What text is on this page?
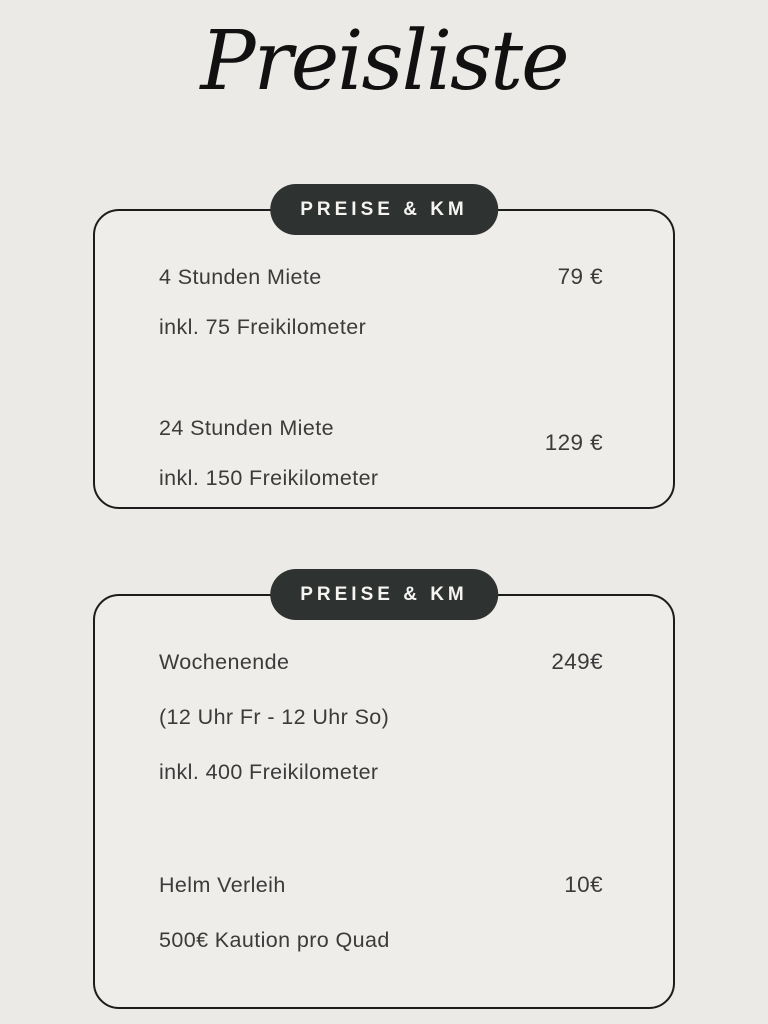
Preisliste
PREISE & KM

4 Stunden Miete

inkl. 75 Freikilometer

79 €

24 Stunden Miete

inkl. 150 Freikilometer

129 €
PREISE & KM

Wochenende

(12 Uhr Fr - 12 Uhr So)

inkl. 400 Freikilometer

249€

Helm Verleih

500€ Kaution pro Quad

10€
